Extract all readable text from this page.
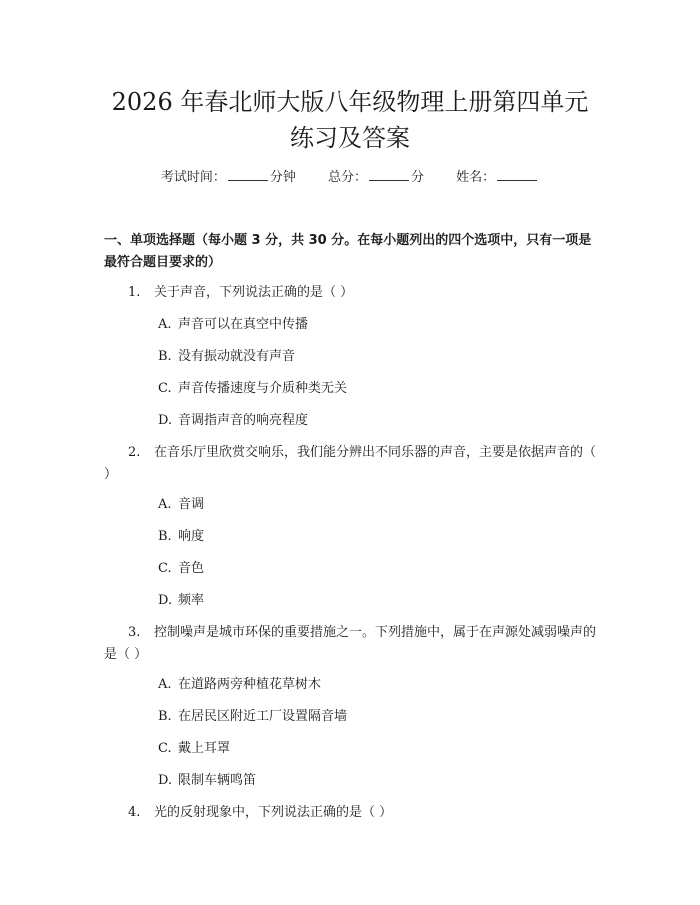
2026 年春北师大版八年级物理上册第四单元
练习及答案
考试时间：	分钟 总分：	分 姓名：
一、单项选择题（每小题 3 分，共 30 分。在每小题列出的四个选项中，只有一项是最符合题目要求的）
1. 关于声音，下列说法正确的是（ ）
A. 声音可以在真空中传播
B. 没有振动就没有声音
C. 声音传播速度与介质种类无关
D. 音调指声音的响亮程度
2. 在音乐厅里欣赏交响乐，我们能分辨出不同乐器的声音，主要是依据声音的（ ）
A. 音调
B. 响度
C. 音色
D. 频率
3. 控制噪声是城市环保的重要措施之一。下列措施中，属于在声源处减弱噪声的是（ ）
A. 在道路两旁种植花草树木
B. 在居民区附近工厂设置隔音墙
C. 戴上耳罩
D. 限制车辆鸣笛
4. 光的反射现象中，下列说法正确的是（ ）
